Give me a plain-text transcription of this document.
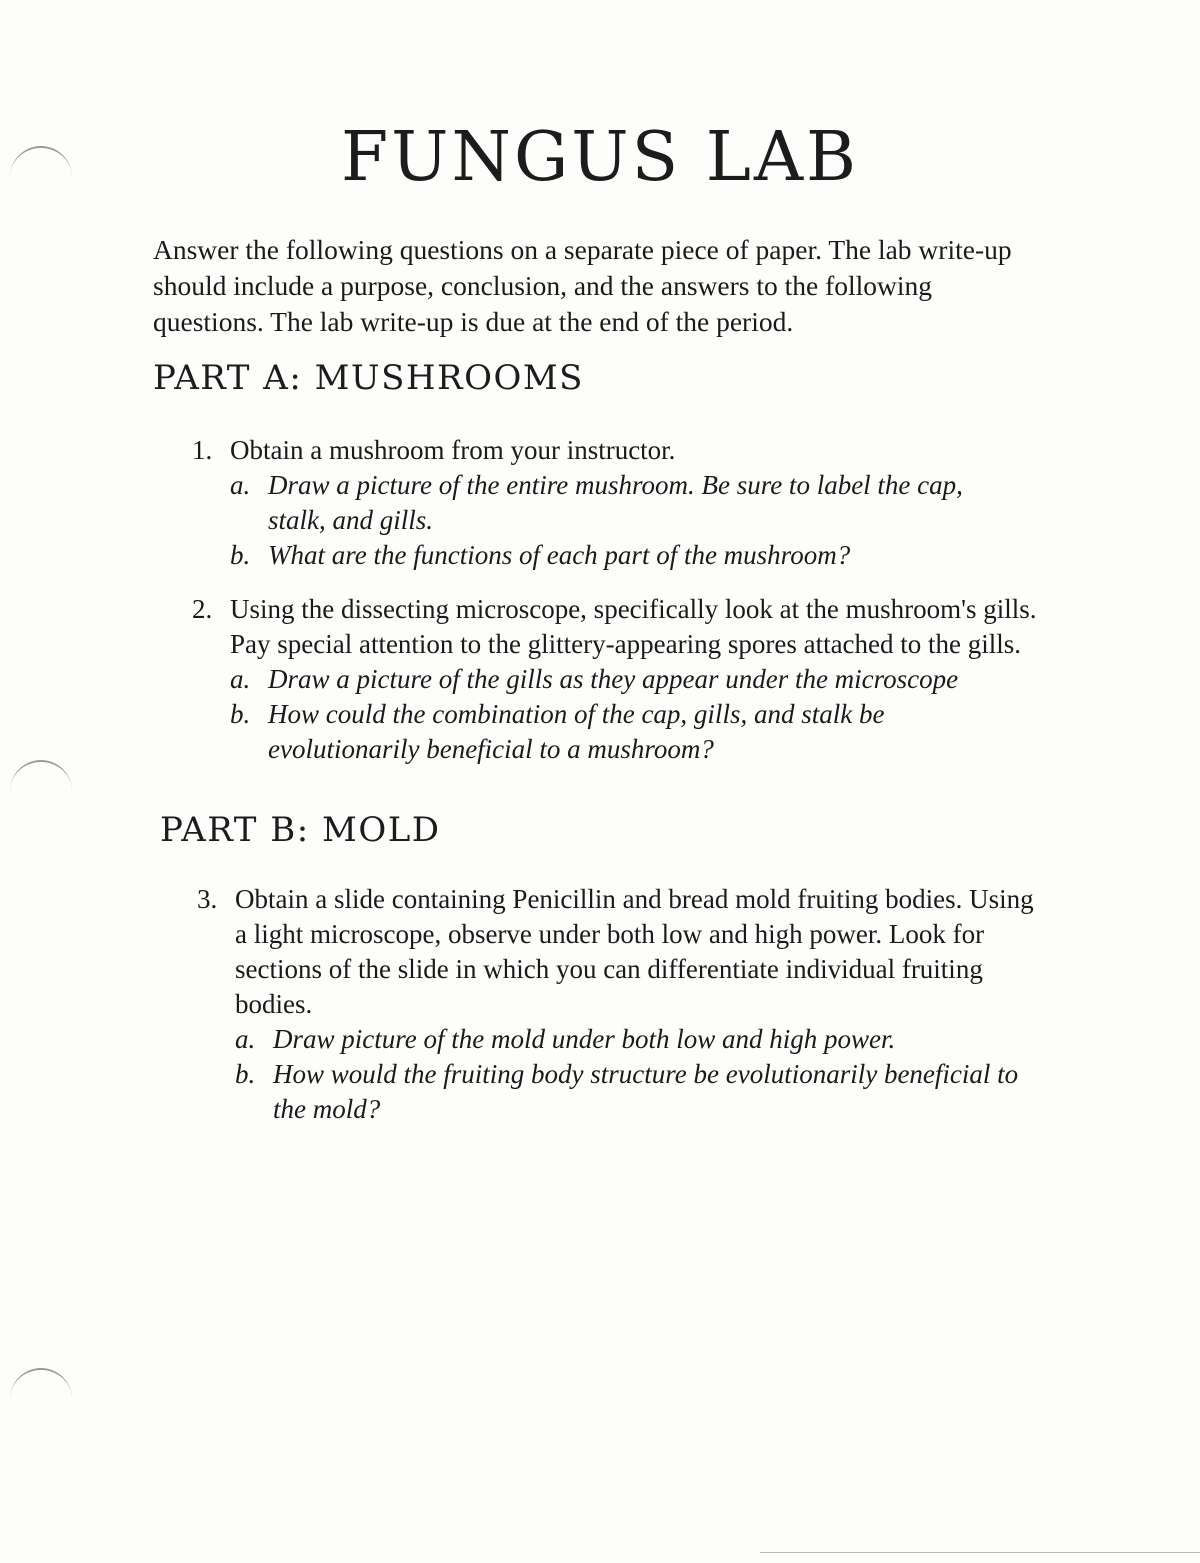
FUNGUS LAB

Answer the following questions on a separate piece of paper. The lab write-up should include a purpose, conclusion, and the answers to the following questions. The lab write-up is due at the end of the period.

PART A: MUSHROOMS
1. Obtain a mushroom from your instructor.
a. Draw a picture of the entire mushroom. Be sure to label the cap, stalk, and gills.
b. What are the functions of each part of the mushroom?
2. Using the dissecting microscope, specifically look at the mushroom's gills. Pay special attention to the glittery-appearing spores attached to the gills.
a. Draw a picture of the gills as they appear under the microscope
b. How could the combination of the cap, gills, and stalk be evolutionarily beneficial to a mushroom?
PART B: MOLD
3. Obtain a slide containing Penicillin and bread mold fruiting bodies. Using a light microscope, observe under both low and high power. Look for sections of the slide in which you can differentiate individual fruiting bodies.
a. Draw picture of the mold under both low and high power.
b. How would the fruiting body structure be evolutionarily beneficial to the mold?
